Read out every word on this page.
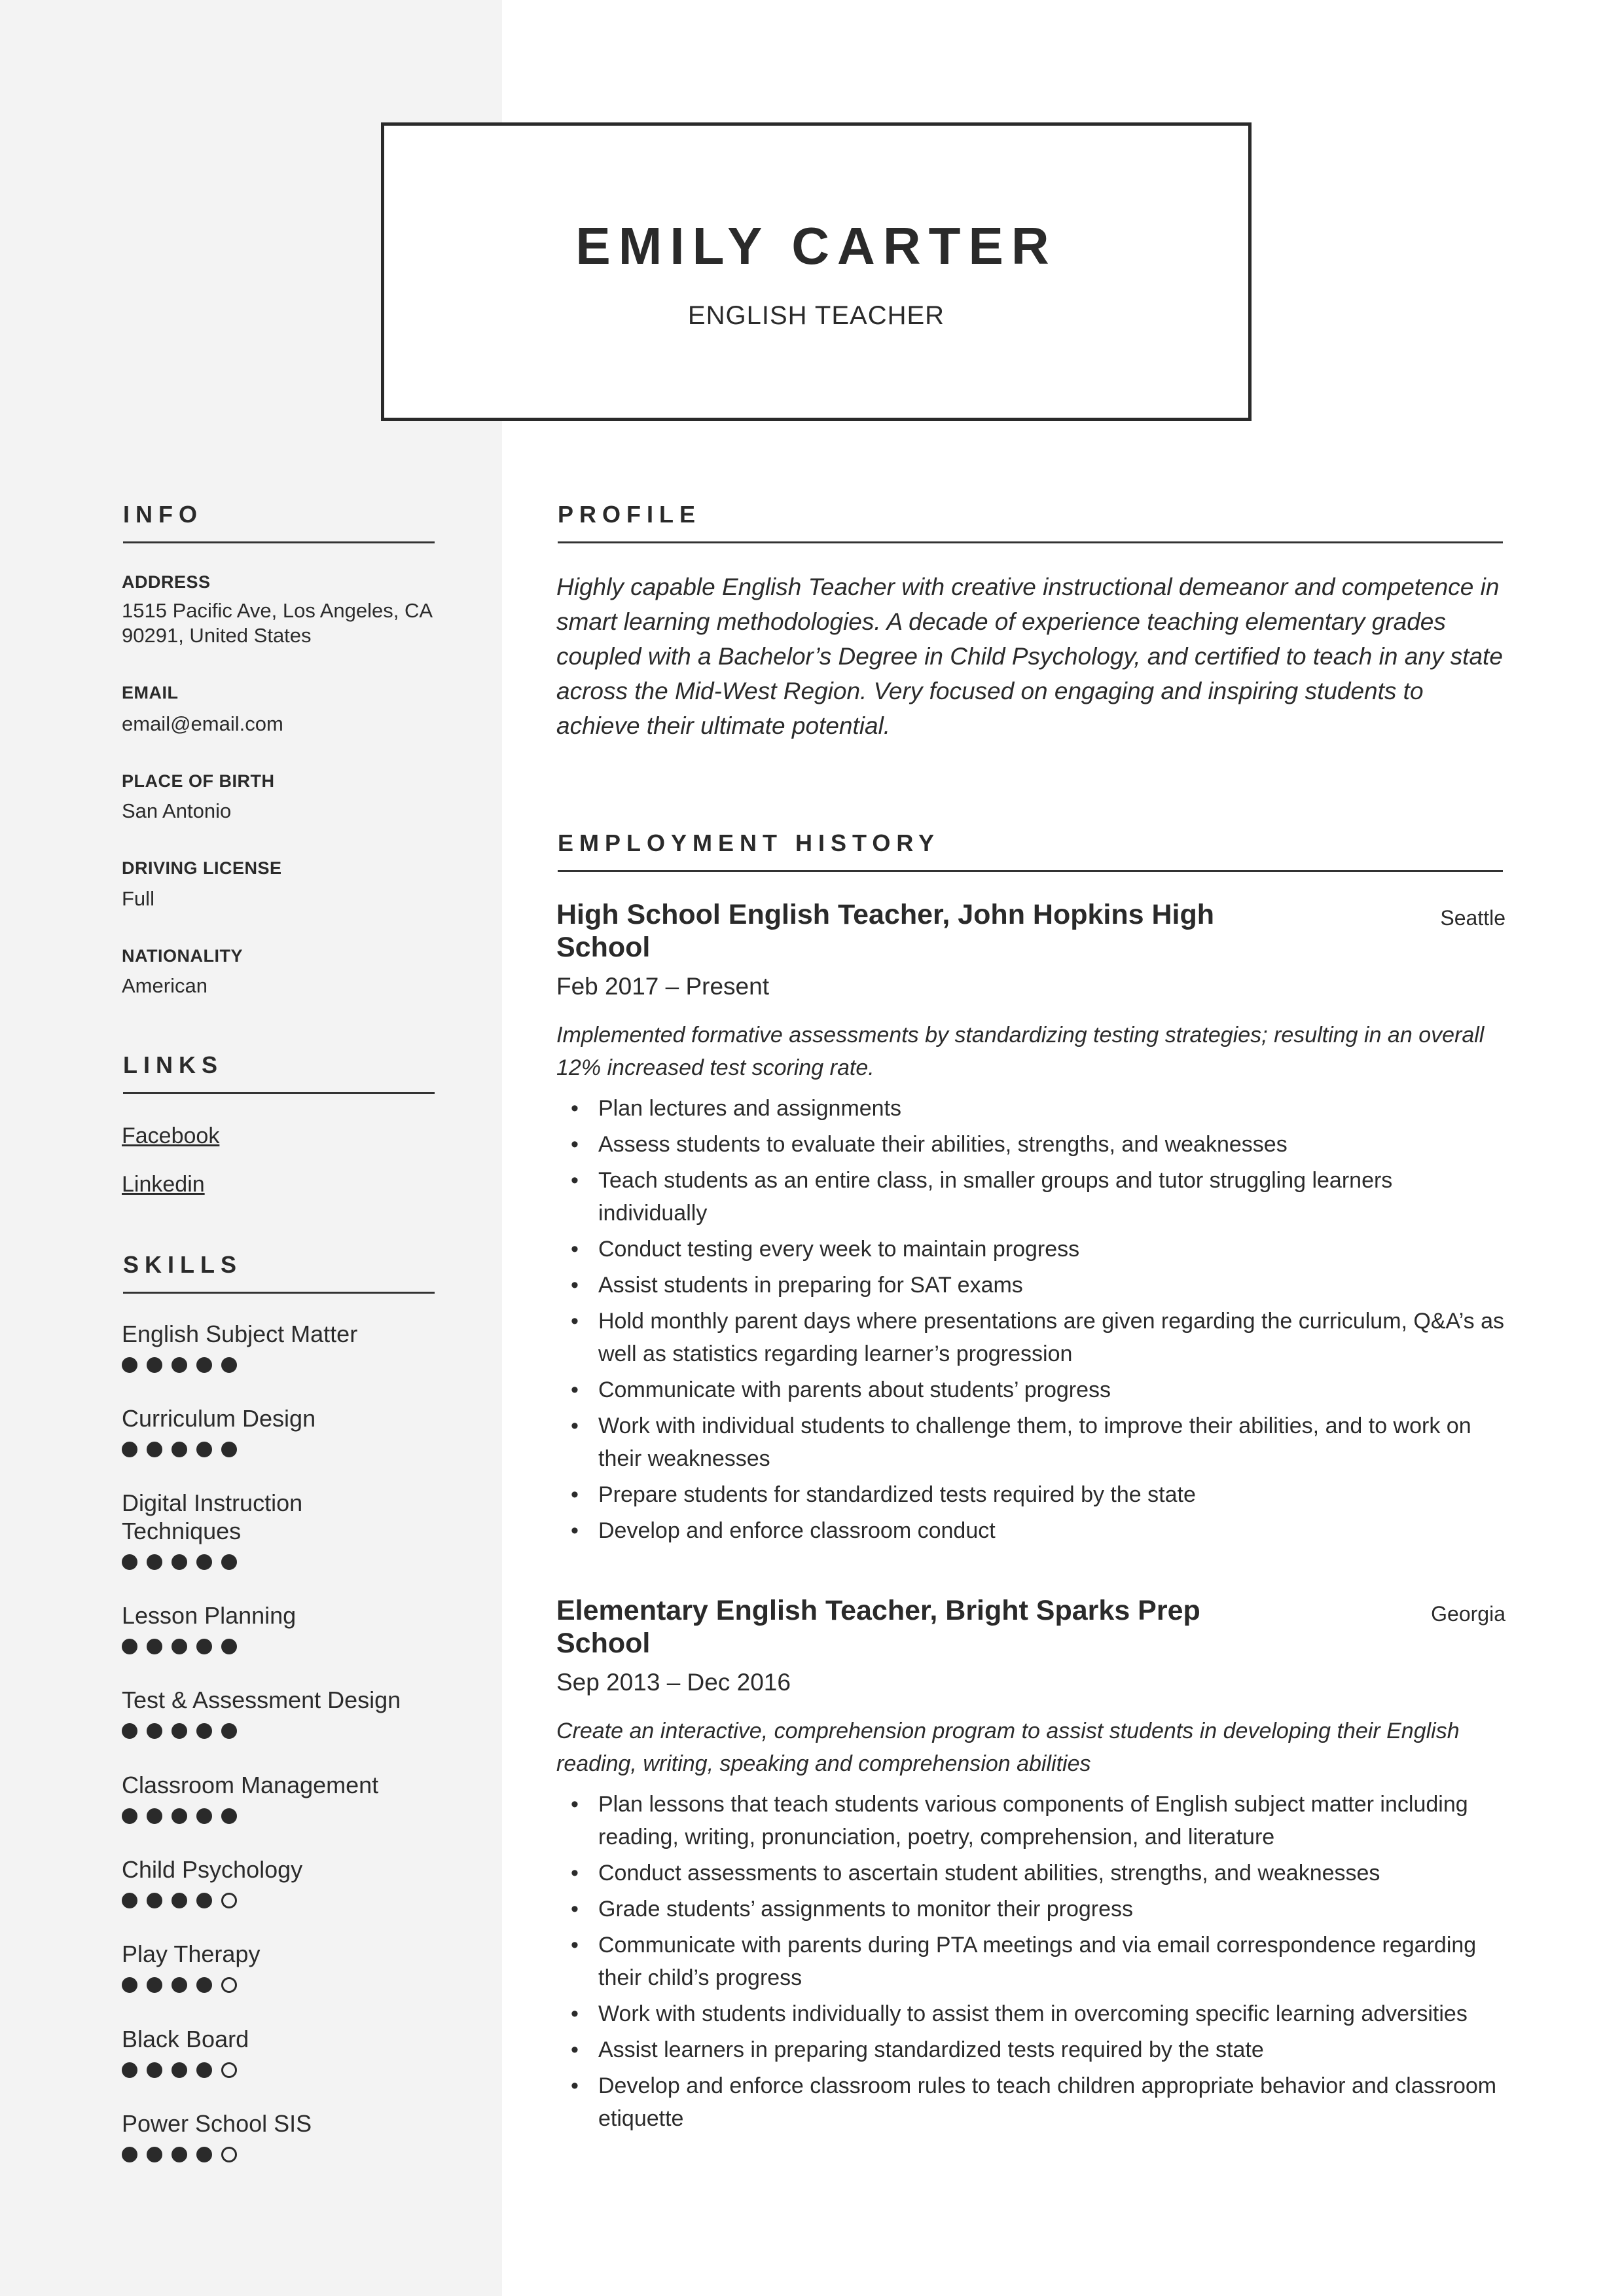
EMILY CARTER
ENGLISH TEACHER
INFO
ADDRESS
1515 Pacific Ave, Los Angeles, CA 90291, United States
EMAIL
email@email.com
PLACE OF BIRTH
San Antonio
DRIVING LICENSE
Full
NATIONALITY
American
LINKS
Facebook
Linkedin
SKILLS
English Subject Matter
Curriculum Design
Digital Instruction Techniques
Lesson Planning
Test & Assessment Design
Classroom Management
Child Psychology
Play Therapy
Black Board
Power School SIS
PROFILE
Highly capable English Teacher with creative instructional demeanor and competence in smart learning methodologies. A decade of experience teaching elementary grades coupled with a Bachelor’s Degree in Child Psychology, and certified to teach in any state across the Mid-West Region. Very focused on engaging and inspiring students to achieve their ultimate potential.
EMPLOYMENT HISTORY
High School English Teacher, John Hopkins High School
Seattle
Feb 2017 – Present
Implemented formative assessments by standardizing testing strategies; resulting in an overall 12% increased test scoring rate.
• Plan lectures and assignments
• Assess students to evaluate their abilities, strengths, and weaknesses
• Teach students as an entire class, in smaller groups and tutor struggling learners individually
• Conduct testing every week to maintain progress
• Assist students in preparing for SAT exams
• Hold monthly parent days where presentations are given regarding the curriculum, Q&A’s as well as statistics regarding learner’s progression
• Communicate with parents about students’ progress
• Work with individual students to challenge them, to improve their abilities, and to work on their weaknesses
• Prepare students for standardized tests required by the state
• Develop and enforce classroom conduct
Elementary English Teacher, Bright Sparks Prep School
Georgia
Sep 2013 – Dec 2016
Create an interactive, comprehension program to assist students in developing their English reading, writing, speaking and comprehension abilities
• Plan lessons that teach students various components of English subject matter including reading, writing, pronunciation, poetry, comprehension, and literature
• Conduct assessments to ascertain student abilities, strengths, and weaknesses
• Grade students’ assignments to monitor their progress
• Communicate with parents during PTA meetings and via email correspondence regarding their child’s progress
• Work with students individually to assist them in overcoming specific learning adversities
• Assist learners in preparing standardized tests required by the state
• Develop and enforce classroom rules to teach children appropriate behavior and classroom etiquette
